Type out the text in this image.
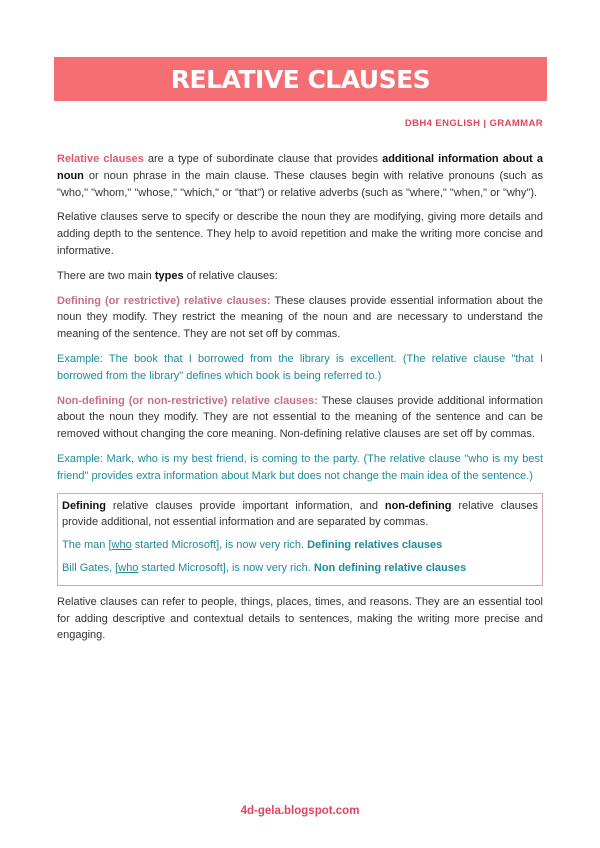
RELATIVE CLAUSES
DBH4 ENGLISH | GRAMMAR

Relative clauses are a type of subordinate clause that provides additional information about a noun or noun phrase in the main clause. These clauses begin with relative pronouns (such as "who," "whom," "whose," "which," or "that") or relative adverbs (such as "where," "when," or "why").

Relative clauses serve to specify or describe the noun they are modifying, giving more details and adding depth to the sentence. They help to avoid repetition and make the writing more concise and informative.

There are two main types of relative clauses:

Defining (or restrictive) relative clauses: These clauses provide essential information about the noun they modify. They restrict the meaning of the noun and are necessary to understand the meaning of the sentence. They are not set off by commas.

Example: The book that I borrowed from the library is excellent. (The relative clause "that I borrowed from the library" defines which book is being referred to.)

Non-defining (or non-restrictive) relative clauses: These clauses provide additional information about the noun they modify. They are not essential to the meaning of the sentence and can be removed without changing the core meaning. Non-defining relative clauses are set off by commas.

Example: Mark, who is my best friend, is coming to the party. (The relative clause "who is my best friend" provides extra information about Mark but does not change the main idea of the sentence.)

Defining relative clauses provide important information, and non-defining relative clauses provide additional, not essential information and are separated by commas.

The man [who started Microsoft], is now very rich. Defining relatives clauses

Bill Gates, [who started Microsoft], is now very rich. Non defining relative clauses

Relative clauses can refer to people, things, places, times, and reasons. They are an essential tool for adding descriptive and contextual details to sentences, making the writing more precise and engaging.

4d-gela.blogspot.com
